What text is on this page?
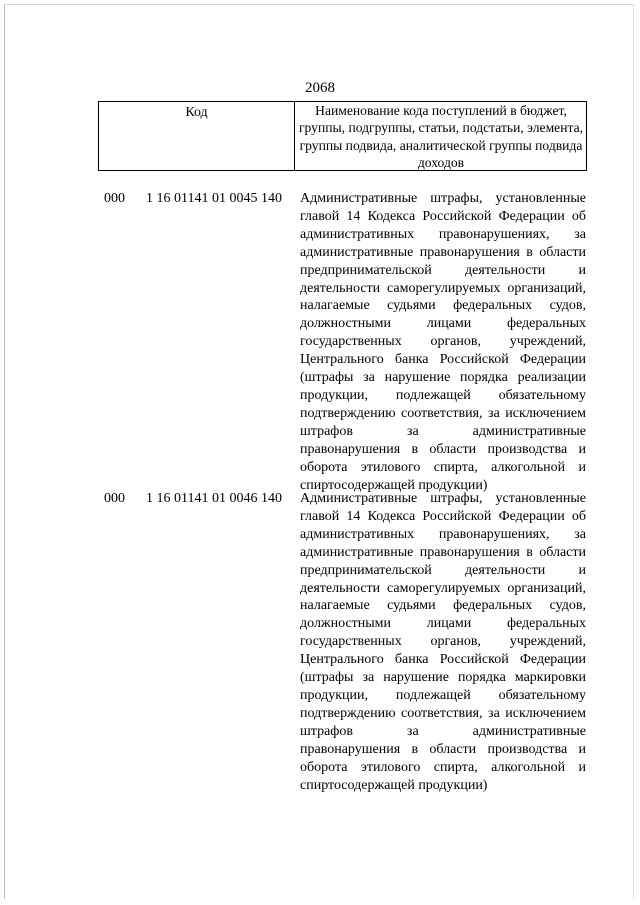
2068
Код	Наименование кода поступлений в бюджет, группы, подгруппы, статьи, подстатьи, элемента, группы подвида, аналитической группы подвида доходов
000 1 16 01141 01 0045 140 Административные штрафы, установленные главой 14 Кодекса Российской Федерации об административных правонарушениях, за административные правонарушения в области предпринимательской деятельности и деятельности саморегулируемых организаций, налагаемые судьями федеральных судов, должностными лицами федеральных государственных органов, учреждений, Центрального банка Российской Федерации (штрафы за нарушение порядка реализации продукции, подлежащей обязательному подтверждению соответствия, за исключением штрафов за административные правонарушения в области производства и оборота этилового спирта, алкогольной и спиртосодержащей продукции)
000 1 16 01141 01 0046 140 Административные штрафы, установленные главой 14 Кодекса Российской Федерации об административных правонарушениях, за административные правонарушения в области предпринимательской деятельности и деятельности саморегулируемых организаций, налагаемые судьями федеральных судов, должностными лицами федеральных государственных органов, учреждений, Центрального банка Российской Федерации (штрафы за нарушение порядка маркировки продукции, подлежащей обязательному подтверждению соответствия, за исключением штрафов за административные правонарушения в области производства и оборота этилового спирта, алкогольной и спиртосодержащей продукции)
